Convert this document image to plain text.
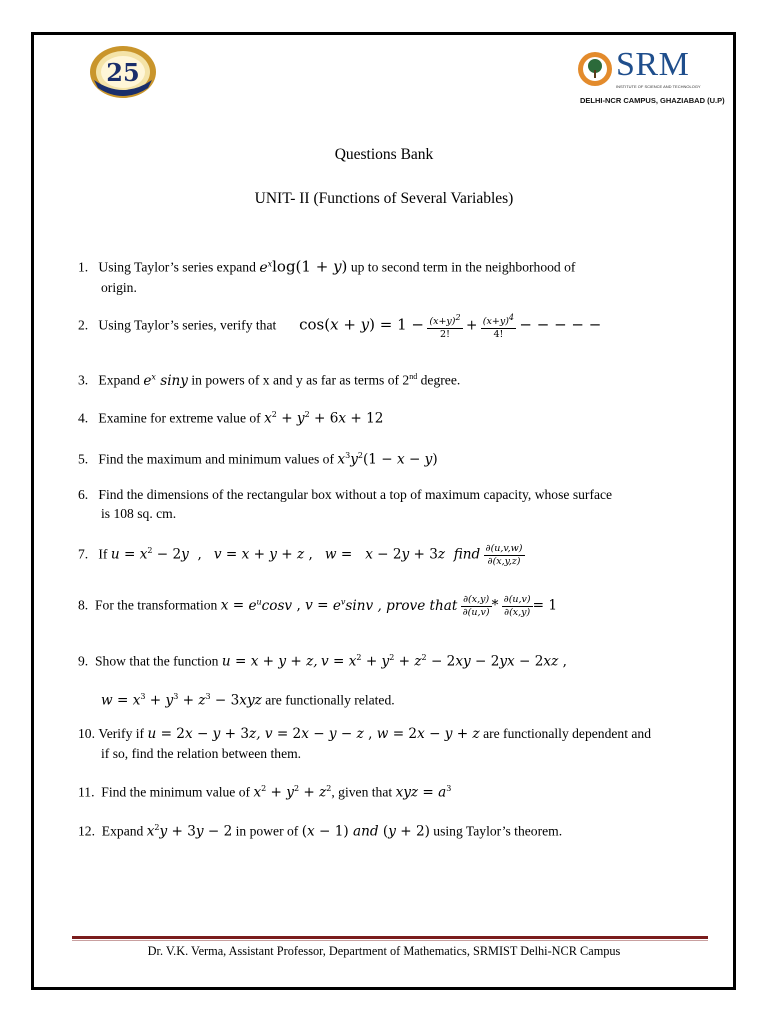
25	SRM
INSTITUTE OF SCIENCE AND TECHNOLOGY
DELHI-NCR CAMPUS, GHAZIABAD (U.P)
Questions Bank
UNIT- II (Functions of Several Variables)
1. Using Taylor’s series expand $e^x\log(1 + y)$ up to second term in the neighborhood of
origin.
2. Using Taylor’s series, verify that $\cos(x + y) = 1 - \frac{(x+y)^2}{2!} + \frac{(x+y)^4}{4!}$ − − − − −
3. Expand $e^x$ siny in powers of x and y as far as terms of 2nd degree.
4. Examine for extreme value of $x^2 + y^2 + 6x + 12$
5. Find the maximum and minimum values of $x^3y^2(1 - x - y)$
6. Find the dimensions of the rectangular box without a top of maximum capacity, whose surface
is 108 sq. cm.
7. If $u = x^2 - 2y$  ,   v = x + y + z ,   w =   x − 2y + 3z  find $\frac{\partial(u,v,w)}{\partial(x,y,z)}$
8. For the transformation $x = e^u\cos v$ , $v = e^v\sin v$ , prove that $\frac{\partial(x,y)}{\partial(u,v)} * \frac{\partial(u,v)}{\partial(x,y)} = 1$
9. Show that the function u = x + y + z, $v = x^2 + y^2 + z^2 - 2xy - 2yx - 2xz$ ,
$w = x^3 + y^3 + z^3 - 3xyz$ are functionally related.
10. Verify if u = 2x − y + 3z, v = 2x − y − z , w = 2x − y + z are functionally dependent and
if so, find the relation between them.
11. Find the minimum value of $x^2 + y^2 + z^2$, given that xyz = $a^3$
12. Expand $x^2y + 3y - 2$ in power of (x − 1) and (y + 2) using Taylor’s theorem.
Dr. V.K. Verma, Assistant Professor, Department of Mathematics, SRMIST Delhi-NCR Campus
